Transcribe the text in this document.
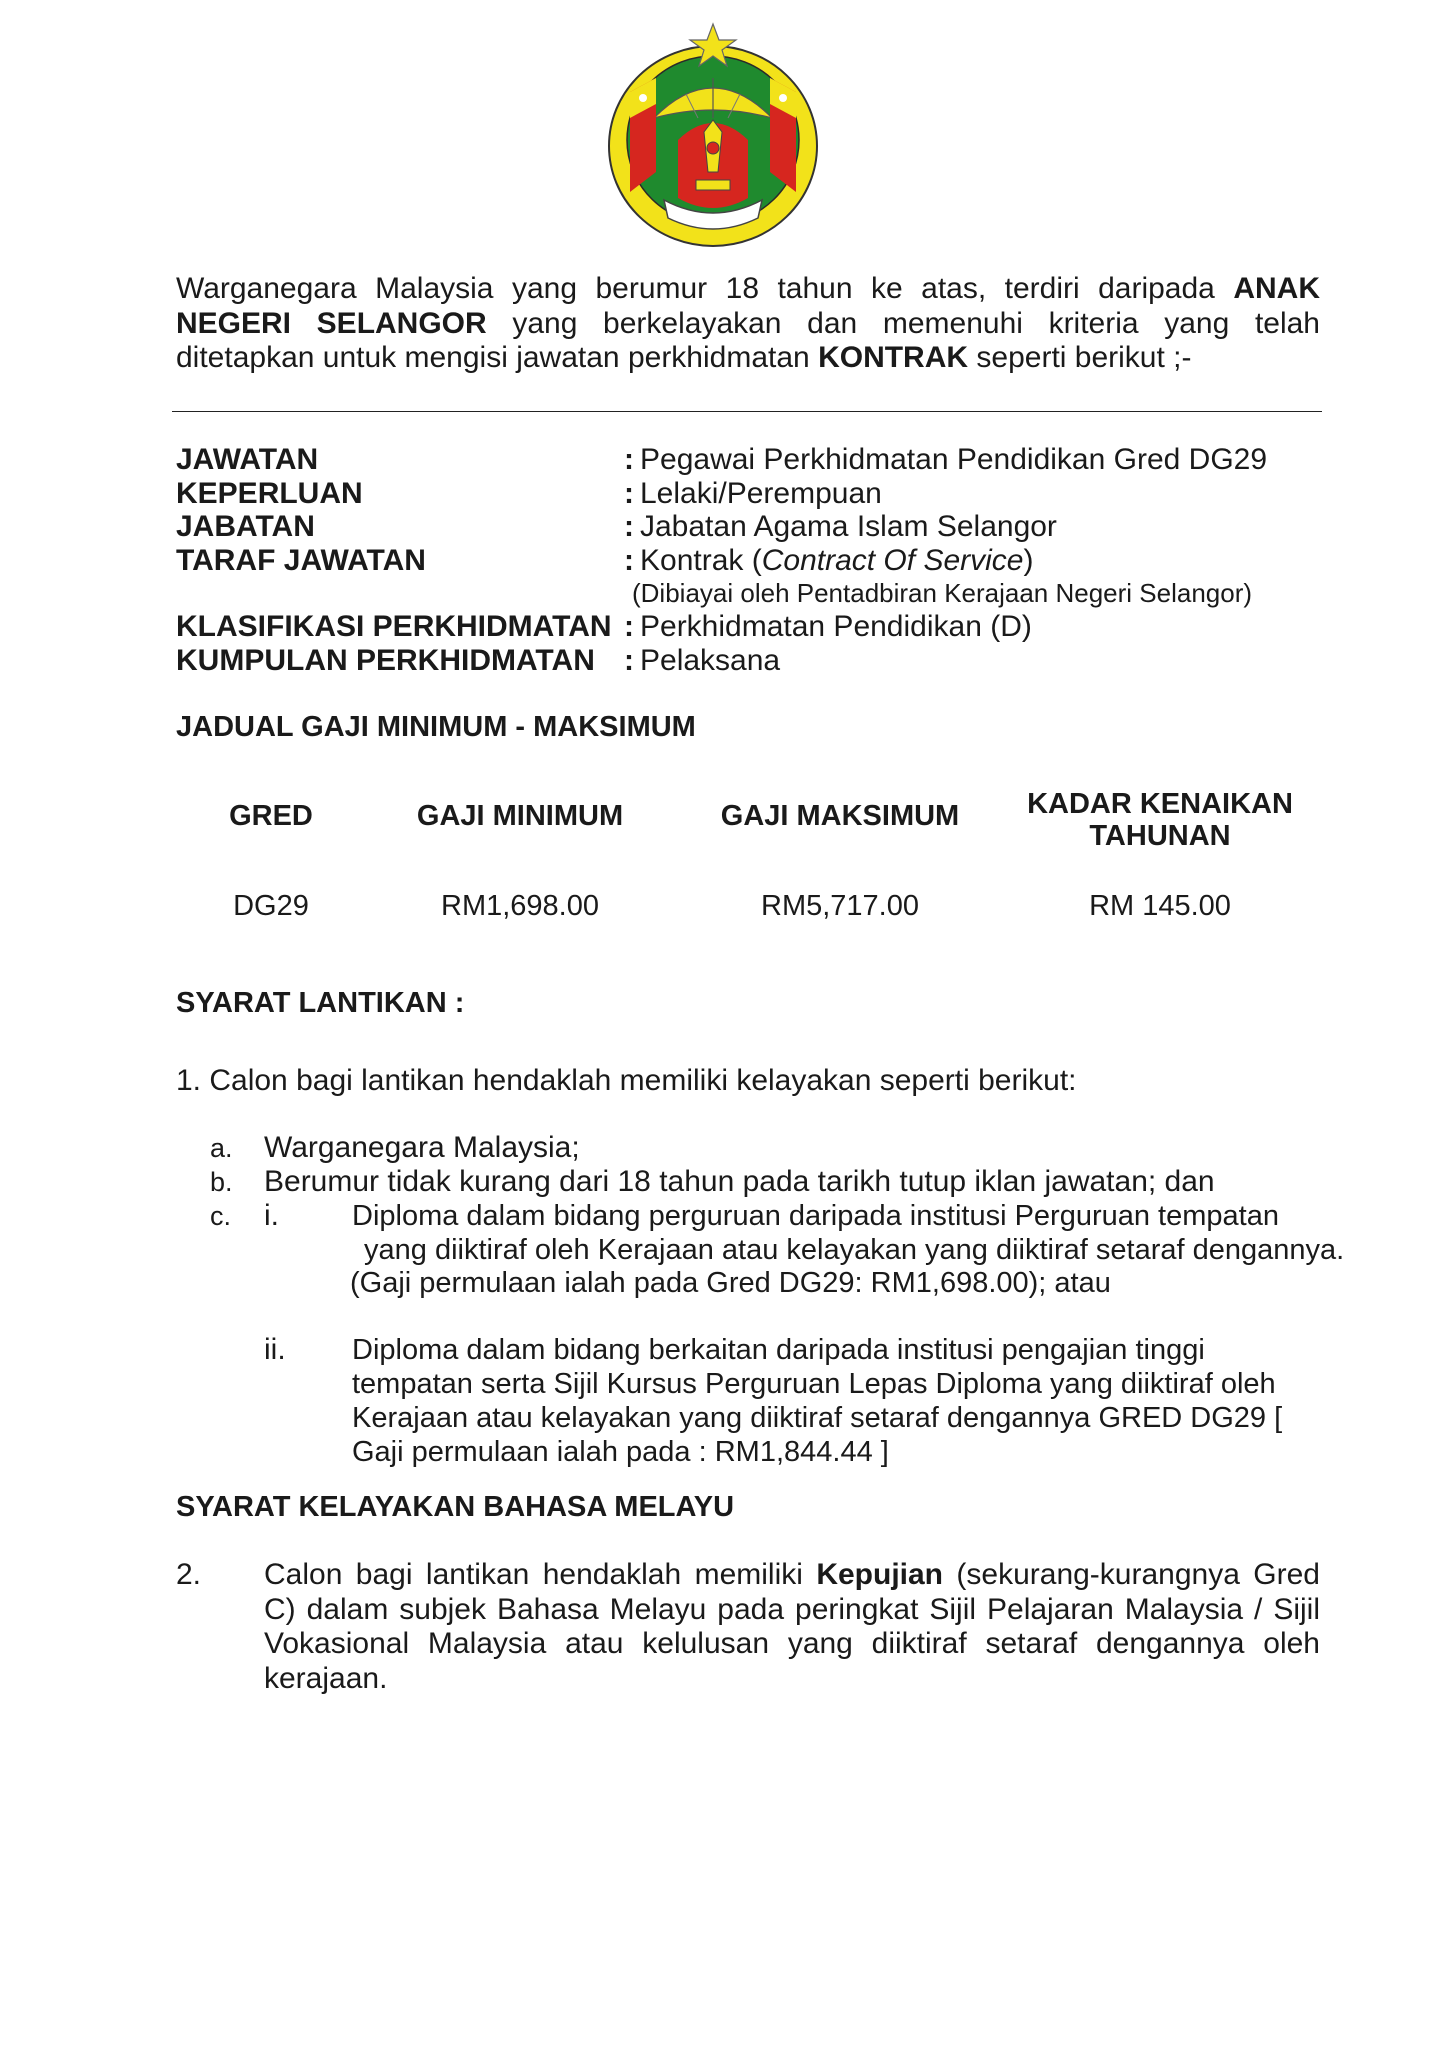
Warganegara Malaysia yang berumur 18 tahun ke atas, terdiri daripada ANAK NEGERI SELANGOR yang berkelayakan dan memenuhi kriteria yang telah ditetapkan untuk mengisi jawatan perkhidmatan KONTRAK seperti berikut ;-
JAWATAN	: Pegawai Perkhidmatan Pendidikan Gred DG29
KEPERLUAN	: Lelaki/Perempuan
JABATAN	: Jabatan Agama Islam Selangor
TARAF JAWATAN	: Kontrak (Contract Of Service)
(Dibiayai oleh Pentadbiran Kerajaan Negeri Selangor)
KLASIFIKASI PERKHIDMATAN : Perkhidmatan Pendidikan (D)
KUMPULAN PERKHIDMATAN : Pelaksana
JADUAL GAJI MINIMUM - MAKSIMUM
GRED	GAJI MINIMUM	GAJI MAKSIMUM	KADAR KENAIKAN TAHUNAN
DG29	RM1,698.00	RM5,717.00	RM 145.00
SYARAT LANTIKAN :
1. Calon bagi lantikan hendaklah memiliki kelayakan seperti berikut:
a. Warganegara Malaysia;
b. Berumur tidak kurang dari 18 tahun pada tarikh tutup iklan jawatan; dan
c. i.	Diploma dalam bidang perguruan daripada institusi Perguruan tempatan
yang diiktiraf oleh Kerajaan atau kelayakan yang diiktiraf setaraf dengannya.
(Gaji permulaan ialah pada Gred DG29: RM1,698.00); atau
ii. Diploma dalam bidang berkaitan daripada institusi pengajian tinggi
tempatan serta Sijil Kursus Perguruan Lepas Diploma yang diiktiraf oleh
Kerajaan atau kelayakan yang diiktiraf setaraf dengannya GRED DG29 [
Gaji permulaan ialah pada : RM1,844.44 ]
SYARAT KELAYAKAN BAHASA MELAYU
2. Calon bagi lantikan hendaklah memiliki Kepujian (sekurang-kurangnya Gred C) dalam subjek Bahasa Melayu pada peringkat Sijil Pelajaran Malaysia / Sijil Vokasional Malaysia atau kelulusan yang diiktiraf setaraf dengannya oleh kerajaan.
